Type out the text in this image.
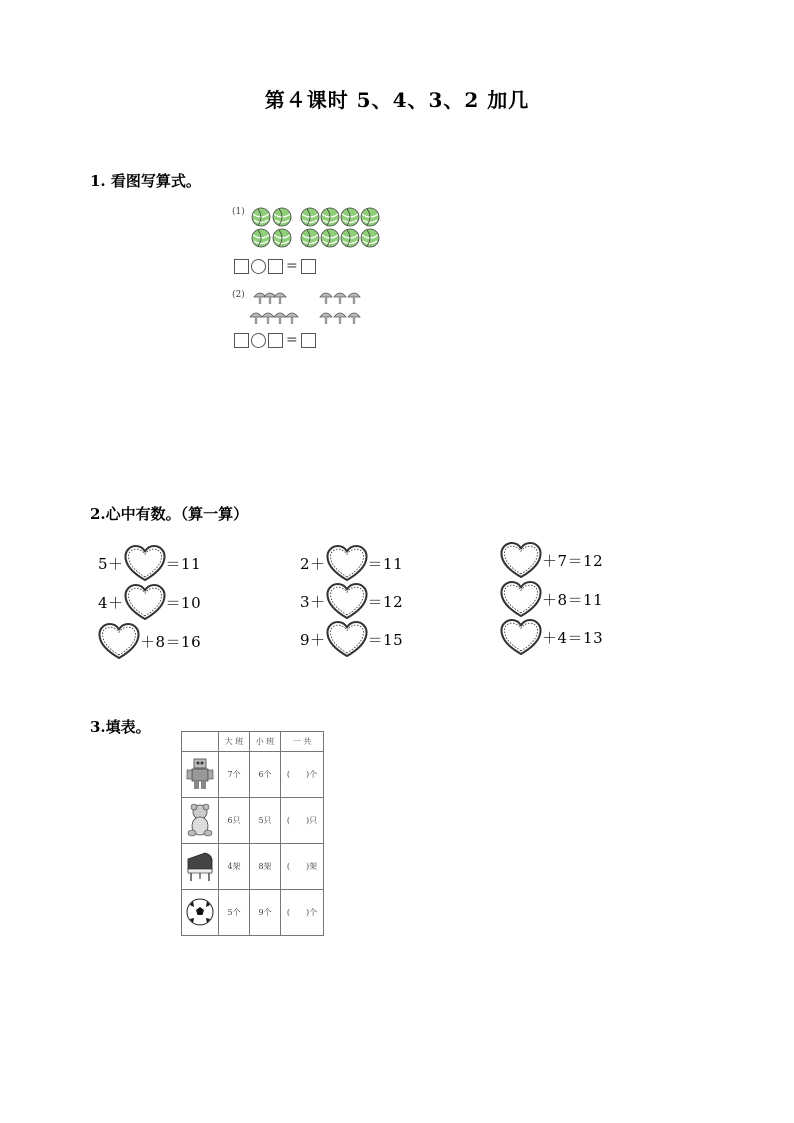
第４课时 5、4、3、2 加几
1. 看图写算式。
(1)
=
(2)
=
2.心中有数。（算一算）
5＋	＝11	2＋	＝11	＋7＝12
4＋	＝10	3＋	＝12	＋8＝11
＋8＝16	9＋	＝15	＋4＝13
3.填表。
	大 班	小 班	一 共
	7个	6个	(　　)个
	6只	5只	(　　)只
	4架	8架	(　　)架
	5个	9个	(　　)个
